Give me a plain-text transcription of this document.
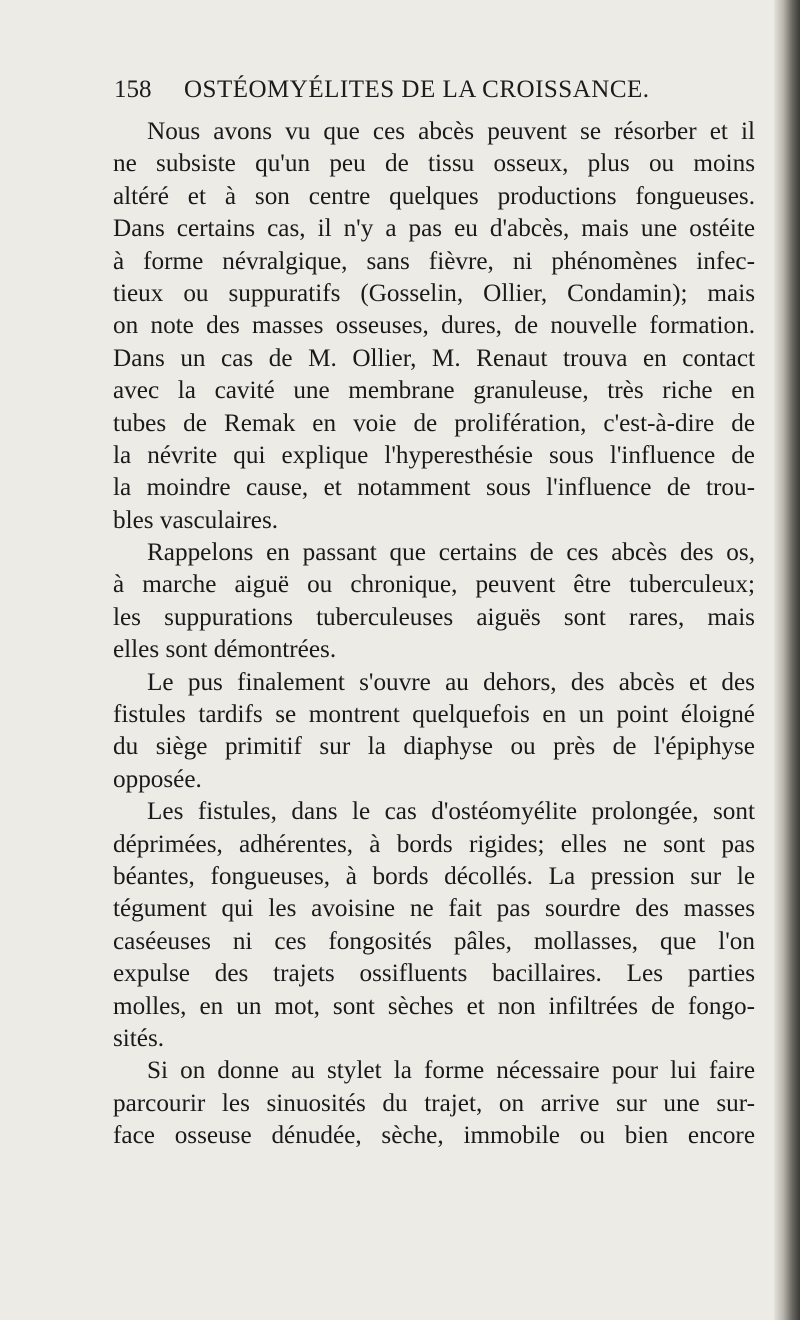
158 OSTÉOMYÉLITES DE LA CROISSANCE.
Nous avons vu que ces abcès peuvent se résorber et il
ne subsiste qu'un peu de tissu osseux, plus ou moins
altéré et à son centre quelques productions fongueuses.
Dans certains cas, il n'y a pas eu d'abcès, mais une ostéite
à forme névralgique, sans fièvre, ni phénomènes infec-
tieux ou suppuratifs (Gosselin, Ollier, Condamin); mais
on note des masses osseuses, dures, de nouvelle formation.
Dans un cas de M. Ollier, M. Renaut trouva en contact
avec la cavité une membrane granuleuse, très riche en
tubes de Remak en voie de prolifération, c'est-à-dire de
la névrite qui explique l'hyperesthésie sous l'influence de
la moindre cause, et notamment sous l'influence de trou-
bles vasculaires.
Rappelons en passant que certains de ces abcès des os,
à marche aiguë ou chronique, peuvent être tuberculeux;
les suppurations tuberculeuses aiguës sont rares, mais
elles sont démontrées.
Le pus finalement s'ouvre au dehors, des abcès et des
fistules tardifs se montrent quelquefois en un point éloigné
du siège primitif sur la diaphyse ou près de l'épiphyse
opposée.
Les fistules, dans le cas d'ostéomyélite prolongée, sont
déprimées, adhérentes, à bords rigides; elles ne sont pas
béantes, fongueuses, à bords décollés. La pression sur le
tégument qui les avoisine ne fait pas sourdre des masses
caséeuses ni ces fongosités pâles, mollasses, que l'on
expulse des trajets ossifluents bacillaires. Les parties
molles, en un mot, sont sèches et non infiltrées de fongo-
sités.
Si on donne au stylet la forme nécessaire pour lui faire
parcourir les sinuosités du trajet, on arrive sur une sur-
face osseuse dénudée, sèche, immobile ou bien encore
